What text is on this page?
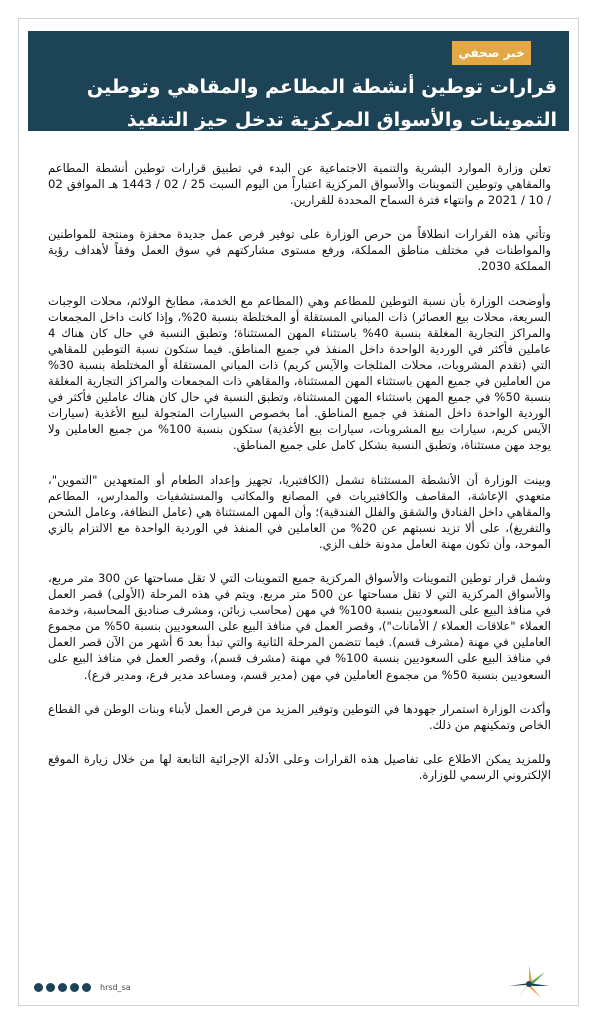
خبر صحفي
قرارات توطين أنشطة المطاعم والمقاهي وتوطين التموينات والأسواق المركزية تدخل حيز التنفيذ

تعلن وزارة الموارد البشرية والتنمية الاجتماعية عن البدء في تطبيق قرارات توطين أنشطة المطاعم والمقاهي وتوطين التموينات والأسواق المركزية اعتباراً من اليوم السبت 25 / 02 / 1443 هـ الموافق 02 / 10 / 2021 م وانتهاء فترة السماح المحددة للقرارين.

وتأتي هذه القرارات انطلاقاً من حرص الوزارة على توفير فرص عمل جديدة محفزة ومنتجة للمواطنين والمواطنات في مختلف مناطق المملكة، ورفع مستوى مشاركتهم في سوق العمل وفقاً لأهداف رؤية المملكة 2030.

وأوضحت الوزارة بأن نسبة التوطين للمطاعم وهي (المطاعم مع الخدمة، مطابخ الولائم، محلات الوجبات السريعة، محلات بيع العصائر) ذات المباني المستقلة أو المختلطة بنسبة 20%، وإذا كانت داخل المجمعات والمراكز التجارية المغلقة بنسبة 40% باستثناء المهن المستثناة؛ وتطبق النسبة في حال كان هناك 4 عاملين فأكثر في الوردية الواحدة داخل المنفذ في جميع المناطق. فيما ستكون نسبة التوطين للمقاهي التي (تقدم المشروبات، محلات المثلجات والآيس كريم) ذات المباني المستقلة أو المختلطة بنسبة 30% من العاملين في جميع المهن باستثناء المهن المستثناة، والمقاهي ذات المجمعات والمراكز التجارية المغلقة بنسبة 50% في جميع المهن باستثناء المهن المستثناة، وتطبق النسبة في حال كان هناك عاملين فأكثر في الوردية الواحدة داخل المنفذ في جميع المناطق. أما بخصوص السيارات المتجولة لبيع الأغذية (سيارات الآيس كريم، سيارات بيع المشروبات، سيارات بيع الأغذية) ستكون بنسبة 100% من جميع العاملين ولا يوجد مهن مستثناة، وتطبق النسبة بشكل كامل على جميع المناطق.

وبينت الوزارة أن الأنشطة المستثناة تشمل (الكافتيريا، تجهيز وإعداد الطعام أو المتعهدين "التموين"، متعهدي الإعاشة، المقاصف والكافتيريات في المصانع والمكاتب والمستشفيات والمدارس، المطاعم والمقاهي داخل الفنادق والشقق والفلل الفندقية)؛ وأن المهن المستثناة هي (عامل النظافة، وعامل الشحن والتفريغ)، على ألا تزيد نسبتهم عن 20% من العاملين في المنفذ في الوردية الواحدة مع الالتزام بالزي الموحد، وأن تكون مهنة العامل مدونة خلف الزي.

وشمل قرار توطين التموينات والأسواق المركزية جميع التموينات التي لا تقل مساحتها عن 300 متر مربع، والأسواق المركزية التي لا تقل مساحتها عن 500 متر مربع. ويتم في هذه المرحلة (الأولى) قصر العمل في منافذ البيع على السعوديين بنسبة 100% في مهن (محاسب زبائن، ومشرف صناديق المحاسبة، وخدمة العملاء "علاقات العملاء / الأمانات")، وقصر العمل في منافذ البيع على السعوديين بنسبة 50% من مجموع العاملين في مهنة (مشرف قسم). فيما تتضمن المرحلة الثانية والتي تبدأ بعد 6 أشهر من الآن قصر العمل في منافذ البيع على السعوديين بنسبة 100% في مهنة (مشرف قسم)، وقصر العمل في منافذ البيع على السعوديين بنسبة 50% من مجموع العاملين في مهن (مدير قسم، ومساعد مدير فرع، ومدير فرع).

وأكدت الوزارة استمرار جهودها في التوطين وتوفير المزيد من فرص العمل لأبناء وبنات الوطن في القطاع الخاص وتمكينهم من ذلك.

وللمزيد يمكن الاطلاع على تفاصيل هذه القرارات وعلى الأدلة الإجرائية التابعة لها من خلال زيارة الموقع الإلكتروني الرسمي للوزارة.

hrsd_sa
